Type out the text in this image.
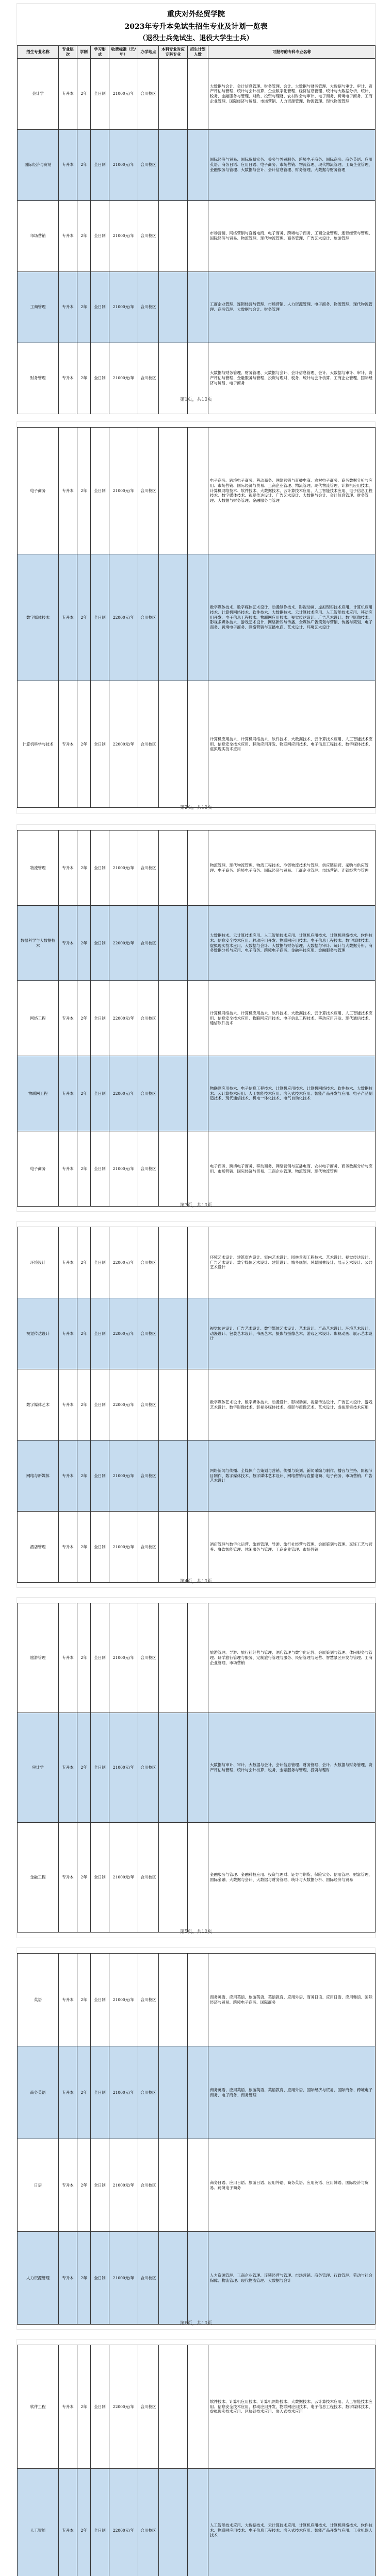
重庆对外经贸学院
2023年专升本免试生招生专业及计划一览表
（退役士兵免试生、退役大学生士兵）
招生专业名称	专业层次	学制	学习形式	收费标准（元/年）	办学地点	本科专业对应专科专业	招生计划人数	可报考的专科专业名称
会计学	专升本	2年	全日制	21000元/年	合川校区			大数据与会计、会计信息管理、财务管理、会计、大数据与财务管理、大数据与审计、审计、资产评估与管理、统计与会计核算、企业数字化管理、经济信息管理、统计与大数据分析、统计、税务、金融服务与管理、财政、投资与理财、农村财会与审计、电子商务、跨境电子商务、工商企业管理、国际经济与贸易、市场营销、人力资源管理、物流管理、现代物流管理
国际经济与贸易	专升本	2年	全日制	21000元/年	合川校区			国际经济与贸易、国际贸易实务、关务与外贸服务、跨境电子商务、国际商务、商务英语、应用英语、商务日语、应用日语、电子商务、市场营销、物流管理、现代物流管理、工商企业管理、金融服务与管理、大数据与会计、会计信息管理、财务管理、大数据与财务管理
市场营销	专升本	2年	全日制	21000元/年	合川校区			市场营销、网络营销与直播电商、电子商务、跨境电子商务、工商企业管理、连锁经营与管理、国际经济与贸易、物流管理、现代物流管理、商务管理、广告艺术设计、旅游管理
工商管理	专升本	2年	全日制	21000元/年	合川校区			工商企业管理、连锁经营与管理、市场营销、人力资源管理、电子商务、物流管理、现代物流管理、商务管理、大数据与会计、财务管理
财务管理	专升本	2年	全日制	21000元/年	合川校区			大数据与财务管理、财务管理、大数据与会计、会计信息管理、会计、大数据与审计、审计、资产评估与管理、金融服务与管理、投资与理财、税务、统计与会计核算、工商企业管理、国际经济与贸易、电子商务
第1页，共10页
电子商务	专升本	2年	全日制	21000元/年	合川校区			电子商务、跨境电子商务、移动商务、网络营销与直播电商、农村电子商务、商务数据分析与应用、市场营销、国际经济与贸易、工商企业管理、物流管理、现代物流管理、计算机应用技术、计算机网络技术、软件技术、大数据技术、云计算技术应用、人工智能技术应用、电子信息工程技术、数字媒体技术、视觉传达设计、广告艺术设计、大数据与会计、会计信息管理、财务管理、大数据与财务管理、金融服务与管理
数字媒体技术	专升本	2年	全日制	22000元/年	合川校区			数字媒体技术、数字媒体艺术设计、动漫制作技术、影视动画、虚拟现实技术应用、计算机应用技术、计算机网络技术、软件技术、大数据技术、云计算技术应用、人工智能技术应用、移动应用开发、电子信息工程技术、物联网应用技术、视觉传达设计、广告艺术设计、数字影像技术、影视多媒体技术、游戏艺术设计、网络新闻与传播、全媒体广告策划与营销、传播与策划、电子商务、跨境电子商务、网络营销与直播电商、艺术设计、环境艺术设计
计算机科学与技术	专升本	2年	全日制	22000元/年	合川校区			计算机应用技术、计算机网络技术、软件技术、大数据技术、云计算技术应用、人工智能技术应用、信息安全技术应用、移动应用开发、物联网应用技术、电子信息工程技术、数字媒体技术、虚拟现实技术应用
第2页，共10页
物流管理	专升本	2年	全日制	21000元/年	合川校区			物流管理、现代物流管理、物流工程技术、冷链物流技术与管理、供应链运营、采购与供应管理、电子商务、跨境电子商务、国际经济与贸易、工商企业管理、市场营销、连锁经营与管理
数据科学与大数据技术	专升本	2年	全日制	22000元/年	合川校区			大数据技术、云计算技术应用、人工智能技术应用、计算机应用技术、计算机网络技术、软件技术、信息安全技术应用、移动应用开发、物联网应用技术、电子信息工程技术、数字媒体技术、虚拟现实技术应用、大数据与会计、大数据与财务管理、大数据与审计、统计与大数据分析、商务数据分析与应用、电子商务、跨境电子商务、金融科技应用、金融服务与管理
网络工程	专升本	2年	全日制	22000元/年	合川校区			计算机网络技术、计算机应用技术、软件技术、大数据技术、云计算技术应用、人工智能技术应用、信息安全技术应用、物联网应用技术、电子信息工程技术、移动应用开发、现代通信技术、通信软件技术
物联网工程	专升本	2年	全日制	22000元/年	合川校区			物联网应用技术、电子信息工程技术、计算机应用技术、计算机网络技术、软件技术、大数据技术、云计算技术应用、人工智能技术应用、嵌入式技术应用、智能产品开发与应用、电子产品制造技术、现代通信技术、机电一体化技术、电气自动化技术
电子商务	专升本	2年	全日制	21000元/年	合川校区			电子商务、跨境电子商务、移动商务、网络营销与直播电商、农村电子商务、商务数据分析与应用、市场营销、国际经济与贸易、工商企业管理、物流管理、现代物流管理
第3页，共10页
环境设计	专升本	2年	全日制	22000元/年	合川校区			环境艺术设计、建筑室内设计、室内艺术设计、园林景观工程技术、艺术设计、视觉传达设计、广告艺术设计、数字媒体艺术设计、建筑设计、城乡规划、风景园林设计、展示艺术设计、公共艺术设计
视觉传达设计	专升本	2年	全日制	22000元/年	合川校区			视觉传达设计、广告艺术设计、数字媒体艺术设计、艺术设计、产品艺术设计、环境艺术设计、动漫设计、包装艺术设计、书画艺术、摄影与摄像艺术、游戏艺术设计、影视动画、展示艺术设计
数字媒体艺术	专升本	2年	全日制	22000元/年	合川校区			数字媒体艺术设计、数字媒体技术、动漫设计、影视动画、视觉传达设计、广告艺术设计、游戏艺术设计、数字影像技术、影视多媒体技术、摄影与摄像艺术、艺术设计、虚拟现实技术应用
网络与新媒体	专升本	2年	全日制	21000元/年	合川校区			网络新闻与传播、全媒体广告策划与营销、传播与策划、新闻采编与制作、播音与主持、影视节目制作、数字媒体技术、数字媒体艺术设计、网络营销与直播电商、电子商务、市场营销、广告艺术设计
酒店管理	专升本	2年	全日制	21000元/年	合川校区			酒店管理与数字化运营、旅游管理、导游、旅行社经营与管理、会展策划与管理、烹饪工艺与营养、餐饮智能管理、休闲服务与管理、工商企业管理、市场营销
第4页，共10页
旅游管理	专升本	2年	全日制	21000元/年	合川校区			旅游管理、导游、旅行社经营与管理、酒店管理与数字化运营、会展策划与管理、休闲服务与管理、研学旅行管理与服务、定制旅行管理与服务、民宿管理与运营、智慧景区开发与管理、工商企业管理、市场营销
审计学	专升本	2年	全日制	21000元/年	合川校区			大数据与审计、审计、大数据与会计、会计信息管理、财务管理、会计、大数据与财务管理、资产评估与管理、统计与会计核算、税务、金融服务与管理、投资与理财
金融工程	专升本	2年	全日制	21000元/年	合川校区			金融服务与管理、金融科技应用、投资与理财、证券与期货、保险实务、信用管理、财富管理、国际金融、大数据与会计、大数据与财务管理、统计与大数据分析、国际经济与贸易
第5页，共10页
英语	专升本	2年	全日制	21000元/年	合川校区			商务英语、应用英语、旅游英语、英语教育、应用外语、商务日语、应用日语、应用韩语、国际经济与贸易、跨境电子商务、国际商务
商务英语	专升本	2年	全日制	21000元/年	合川校区			商务英语、应用英语、旅游英语、英语教育、应用外语、国际经济与贸易、国际商务、跨境电子商务、电子商务、商务管理
日语	专升本	2年	全日制	21000元/年	合川校区			商务日语、应用日语、旅游日语、应用外语、商务英语、应用英语、应用韩语、国际经济与贸易、跨境电子商务
人力资源管理	专升本	2年	全日制	21000元/年	合川校区			人力资源管理、工商企业管理、连锁经营与管理、市场营销、商务管理、行政管理、劳动与社会保障、物流管理、现代物流管理、大数据与会计
第6页，共10页
软件工程	专升本	2年	全日制	22000元/年	合川校区			软件技术、计算机应用技术、计算机网络技术、大数据技术、云计算技术应用、人工智能技术应用、信息安全技术应用、移动应用开发、物联网应用技术、电子信息工程技术、数字媒体技术、虚拟现实技术应用、区块链技术应用、嵌入式技术应用
人工智能	专升本	2年	全日制	22000元/年	合川校区			人工智能技术应用、大数据技术、云计算技术应用、计算机应用技术、计算机网络技术、软件技术、物联网应用技术、电子信息工程技术、嵌入式技术应用、智能产品开发与应用、工业机器人技术
